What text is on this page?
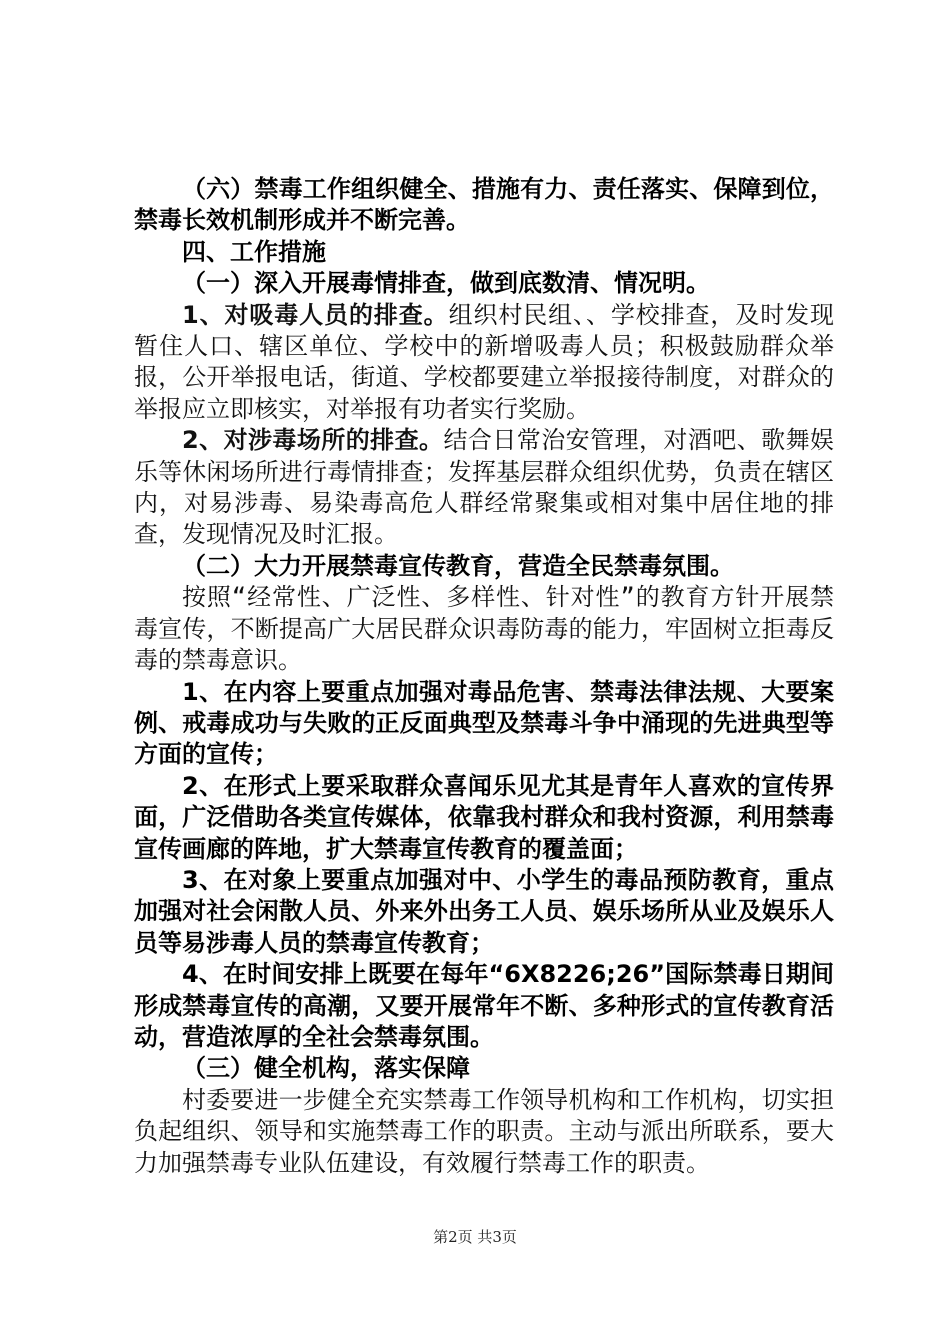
（六）禁毒工作组织健全、措施有力、责任落实、保障到位，禁毒长效机制形成并不断完善。

四、工作措施

（一）深入开展毒情排查，做到底数清、情况明。

1、对吸毒人员的排查。组织村民组、、学校排查，及时发现暂住人口、辖区单位、学校中的新增吸毒人员；积极鼓励群众举报，公开举报电话，街道、学校都要建立举报接待制度，对群众的举报应立即核实，对举报有功者实行奖励。

2、对涉毒场所的排查。结合日常治安管理，对酒吧、歌舞娱乐等休闲场所进行毒情排查；发挥基层群众组织优势，负责在辖区内，对易涉毒、易染毒高危人群经常聚集或相对集中居住地的排查，发现情况及时汇报。

（二）大力开展禁毒宣传教育，营造全民禁毒氛围。

按照“经常性、广泛性、多样性、针对性”的教育方针开展禁毒宣传，不断提高广大居民群众识毒防毒的能力，牢固树立拒毒反毒的禁毒意识。

1、在内容上要重点加强对毒品危害、禁毒法律法规、大要案例、戒毒成功与失败的正反面典型及禁毒斗争中涌现的先进典型等方面的宣传；

2、在形式上要采取群众喜闻乐见尤其是青年人喜欢的宣传界面，广泛借助各类宣传媒体，依靠我村群众和我村资源，利用禁毒宣传画廊的阵地，扩大禁毒宣传教育的覆盖面；

3、在对象上要重点加强对中、小学生的毒品预防教育，重点加强对社会闲散人员、外来外出务工人员、娱乐场所从业及娱乐人员等易涉毒人员的禁毒宣传教育；

4、在时间安排上既要在每年“6X8226;26”国际禁毒日期间形成禁毒宣传的高潮，又要开展常年不断、多种形式的宣传教育活动，营造浓厚的全社会禁毒氛围。

（三）健全机构，落实保障

村委要进一步健全充实禁毒工作领导机构和工作机构，切实担负起组织、领导和实施禁毒工作的职责。主动与派出所联系，要大力加强禁毒专业队伍建设，有效履行禁毒工作的职责。

第2页 共3页
